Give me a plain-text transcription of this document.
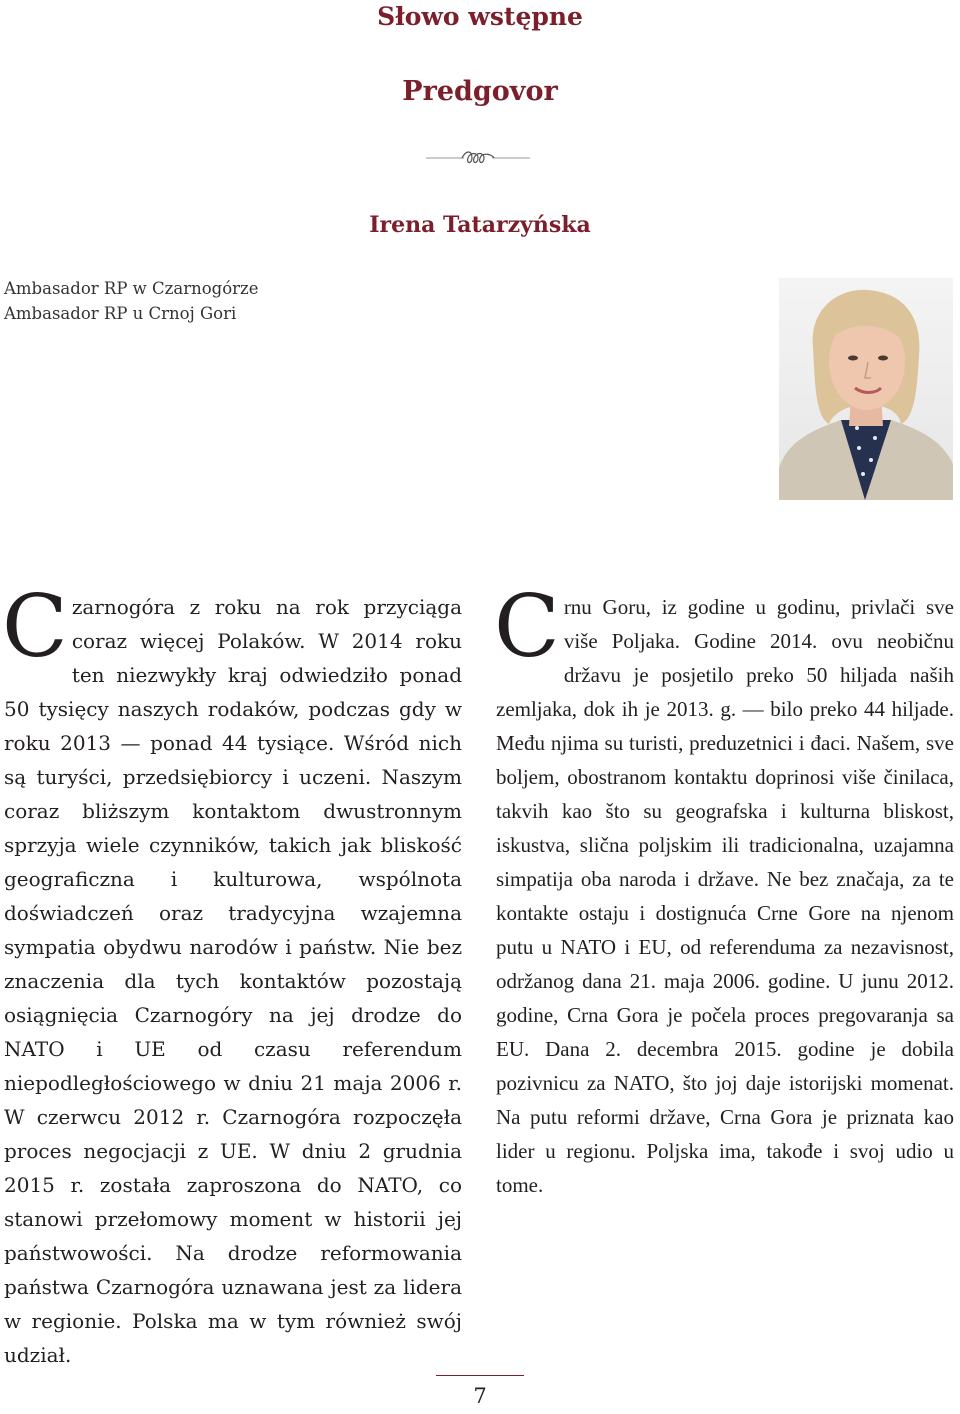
Słowo wstępne
Predgovor
Irena Tatarzyńska
Ambasador RP w Czarnogórze
Ambasador RP u Crnoj Gori
C zarnogóra z roku na rok przyciąga coraz więcej Polaków. W 2014 roku ten niezwykły kraj odwiedziło ponad 50 tysięcy naszych rodaków, podczas gdy w roku 2013 — ponad 44 tysiące. Wśród nich są turyści, przedsiębiorcy i uczeni. Naszym coraz bliższym kontaktom dwustronnym sprzyja wiele czynników, takich jak bliskość geograficzna i kulturowa, wspólnota doświadczeń oraz tradycyjna wzajemna sympatia obydwu narodów i państw. Nie bez znaczenia dla tych kontaktów pozostają osiągnięcia Czarnogóry na jej drodze do NATO i UE od czasu referendum niepodległościowego w dniu 21 maja 2006 r. W czerwcu 2012 r. Czarnogóra rozpoczęła proces negocjacji z UE. W dniu 2 grudnia 2015 r. została zaproszona do NATO, co stanowi przełomowy moment w historii jej państwowości. Na drodze reformowania państwa Czarnogóra uznawana jest za lidera w regionie. Polska ma w tym również swój udział.
C rnu Goru, iz godine u godinu, privlači sve više Poljaka. Godine 2014. ovu neobičnu državu je posjetilo preko 50 hiljada naših zemljaka, dok ih je 2013. g. — bilo preko 44 hiljade. Među njima su turisti, preduzetnici i đaci. Našem, sve boljem, obostranom kontaktu doprinosi više činilaca, takvih kao što su geografska i kulturna bliskost, iskustva, slična poljskim ili tradicionalna, uzajamna simpatija oba naroda i države. Ne bez značaja, za te kontakte ostaju i dostignuća Crne Gore na njenom putu u NATO i EU, od referenduma za nezavisnost, održanog dana 21. maja 2006. godine. U junu 2012. godine, Crna Gora je počela proces pregovaranja sa EU. Dana 2. decembra 2015. godine je dobila pozivnicu za NATO, što joj daje istorijski momenat. Na putu reformi države, Crna Gora je priznata kao lider u regionu. Poljska ima, takođe i svoj udio u tome.
7
